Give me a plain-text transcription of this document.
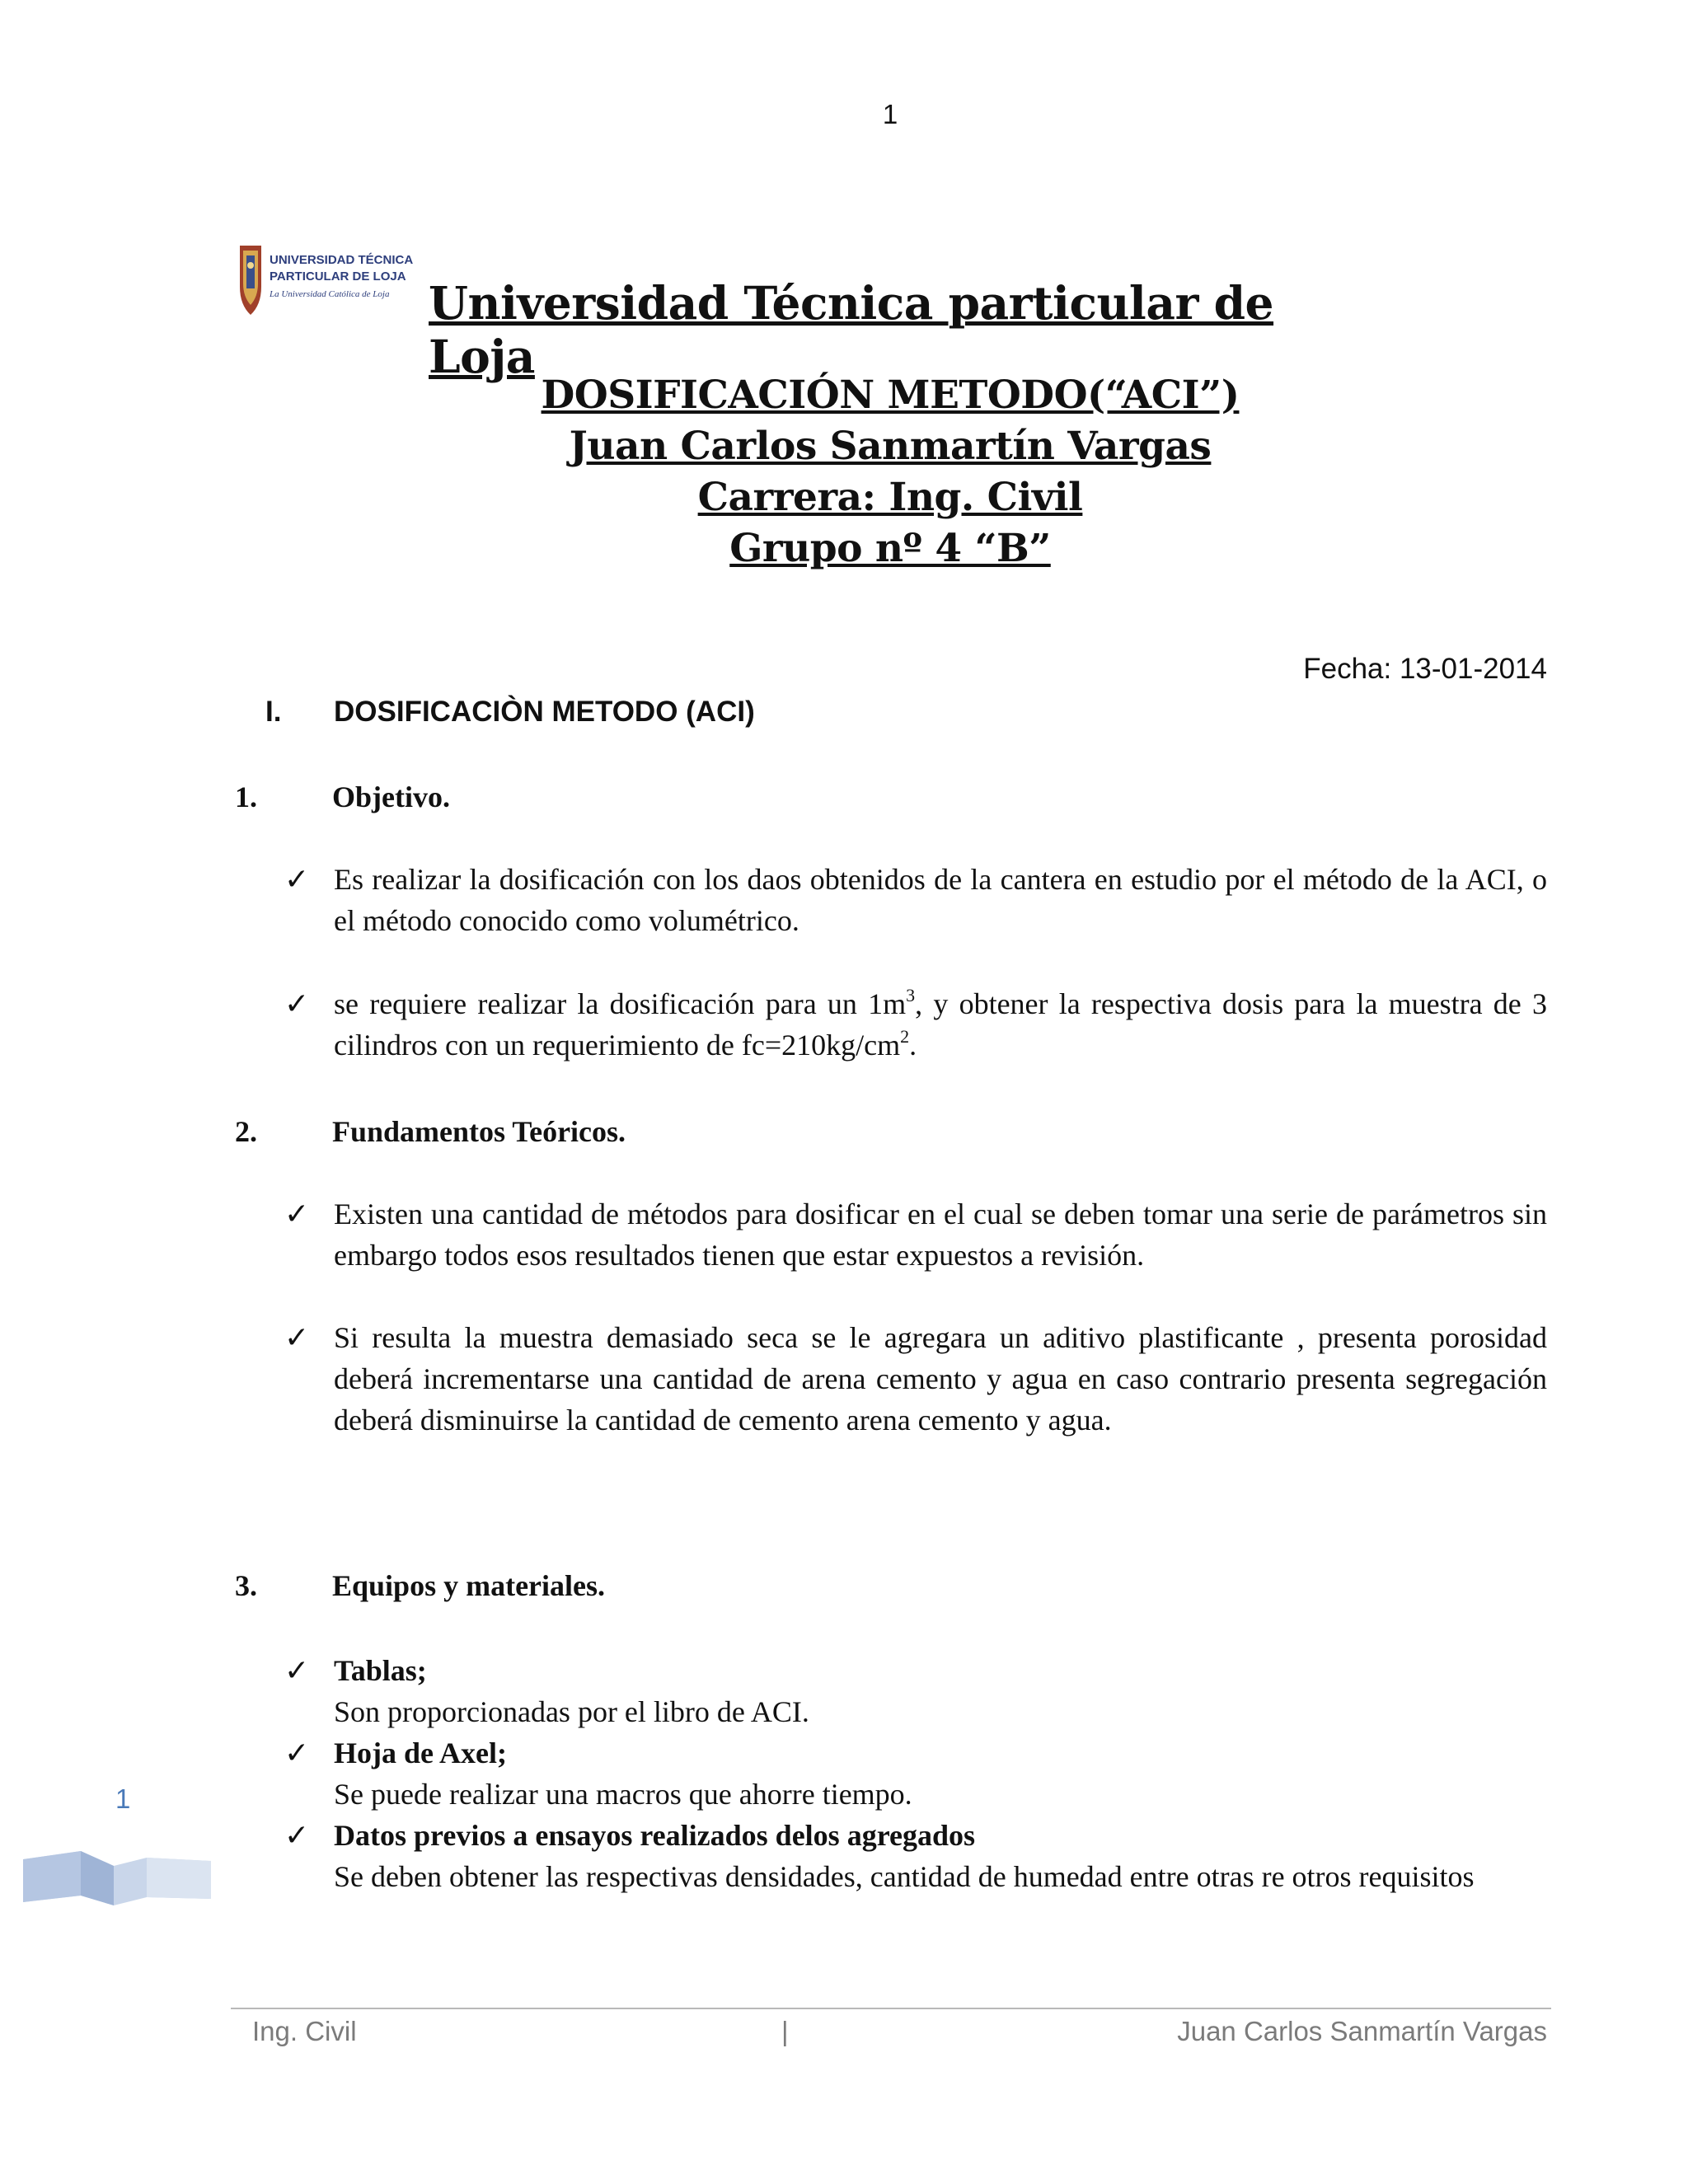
1
UNIVERSIDAD TÉCNICA
PARTICULAR DE LOJA
La Universidad Católica de Loja Universidad Técnica particular de Loja
DOSIFICACIÓN METODO(“ACI”)
Juan Carlos Sanmartín Vargas
Carrera: Ing. Civil
Grupo nº 4 “B”
Fecha: 13-01-2014
I. DOSIFICACIÒN METODO (ACI)
1.	Objetivo.
✓ Es realizar la dosificación con los daos obtenidos de la cantera en estudio por el método de la ACI, o el método conocido como volumétrico.
✓ se requiere realizar la dosificación para un $1m^3$, y obtener la respectiva dosis para la muestra de 3 cilindros con un requerimiento de $fc=210kg/cm^2$.
2.	Fundamentos Teóricos.
✓ Existen una cantidad de métodos para dosificar en el cual se deben tomar una serie de parámetros sin embargo todos esos resultados tienen que estar expuestos a revisión.
✓ Si resulta la muestra demasiado seca se le agregara un aditivo plastificante , presenta porosidad deberá incrementarse una cantidad de arena cemento y agua en caso contrario presenta segregación deberá disminuirse la cantidad de cemento arena cemento y agua.
3.	Equipos y materiales.
✓ Tablas;
Son proporcionadas por el libro de ACI.
✓ Hoja de Axel;
Se puede realizar una macros que ahorre tiempo.
✓ Datos previos a ensayos realizados delos agregados
Se deben obtener las respectivas densidades, cantidad de humedad entre otras re otros requisitos
1
Ing. Civil	|	Juan Carlos Sanmartín Vargas
